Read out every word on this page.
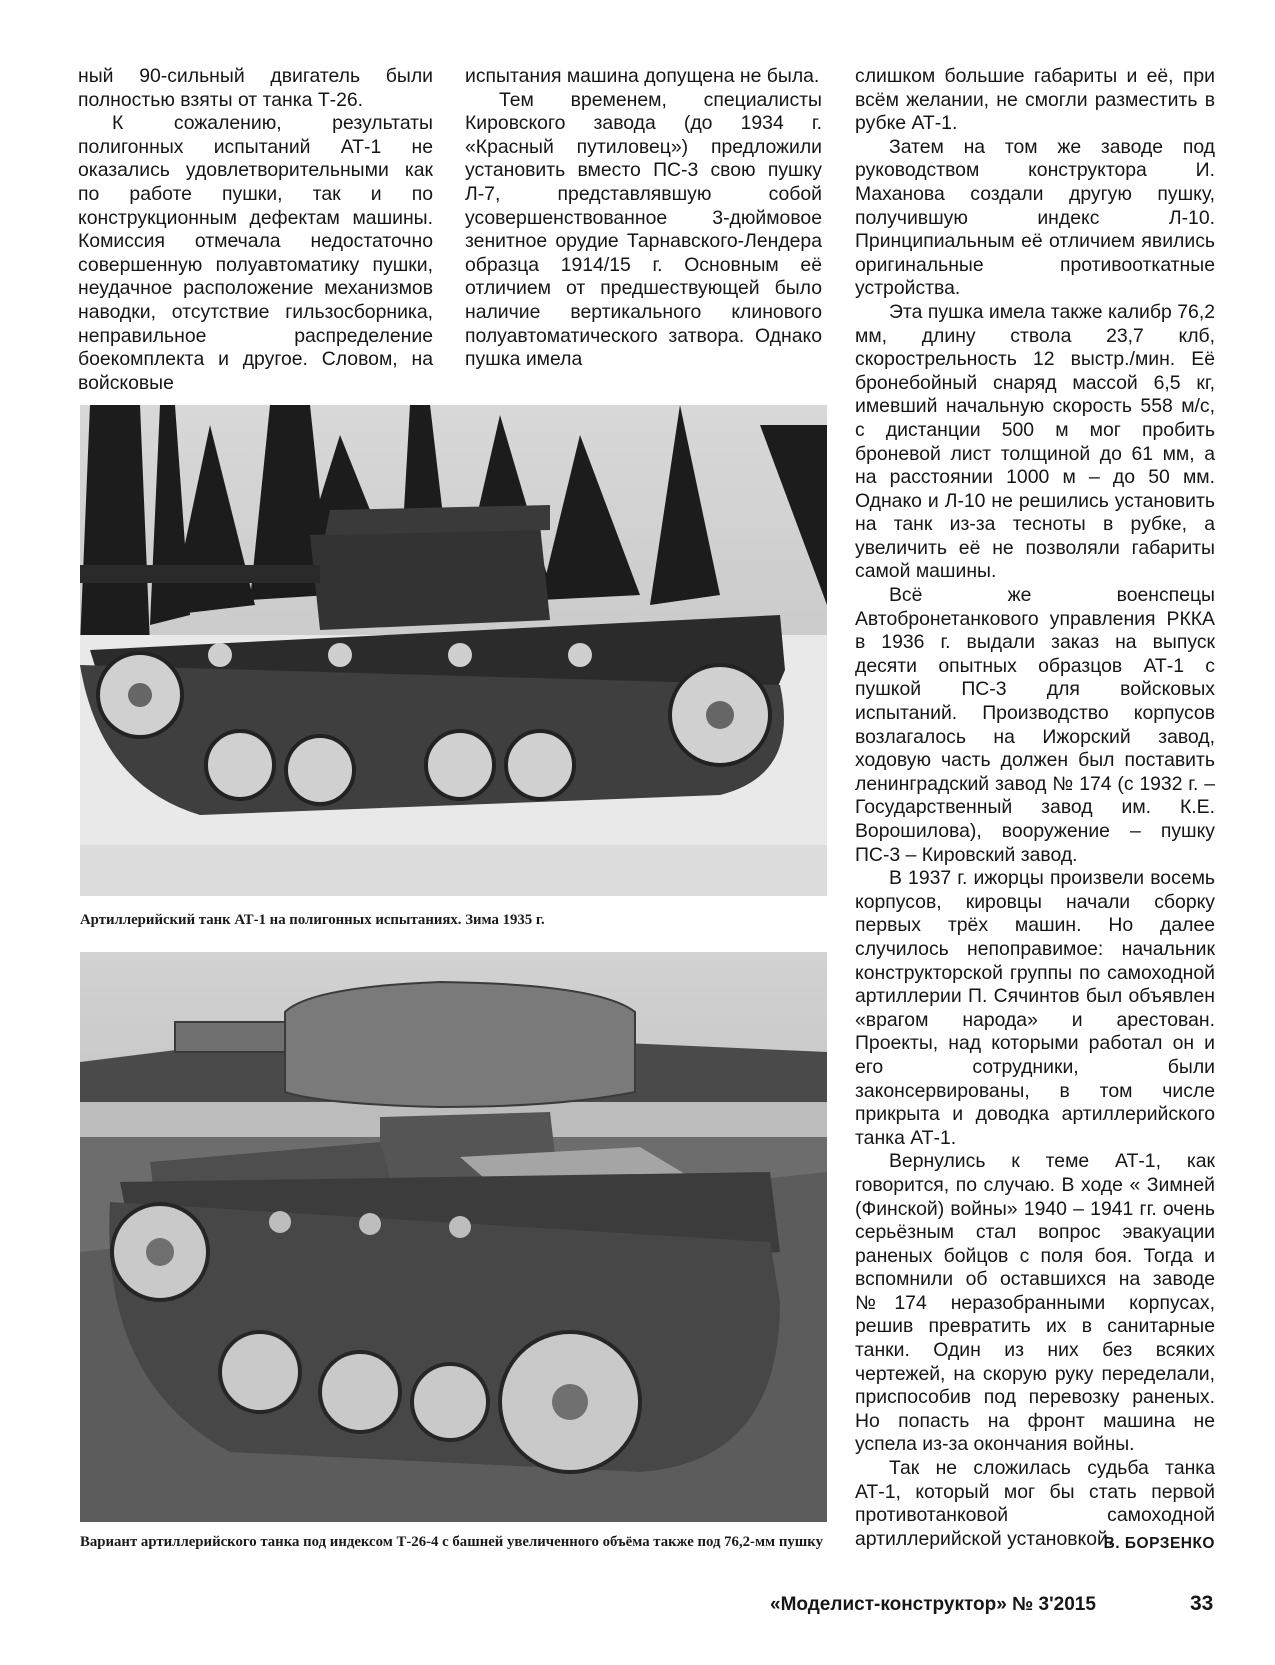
ный 90-сильный двигатель были полностью взяты от танка Т-26.

К сожалению, результаты полигонных испытаний АТ-1 не оказались удовлетворительными как по работе пушки, так и по конструкционным дефектам машины. Комиссия отмечала недостаточно совершенную полуавтоматику пушки, неудачное расположение механизмов наводки, отсутствие гильзосборника, неправильное распределение боекомплекта и другое. Словом, на войсковые

испытания машина допущена не была.

Тем временем, специалисты Кировского завода (до 1934 г. «Красный путиловец») предложили установить вместо ПС-3 свою пушку Л-7, представлявшую собой усовершенствованное 3-дюймовое зенитное орудие Тарнавского-Лендера образца 1914/15 г. Основным её отличием от предшествующей было наличие вертикального клинового полуавтоматического затвора. Однако пушка имела

слишком большие габариты и её, при всём желании, не смогли разместить в рубке АТ-1.

Затем на том же заводе под руководством конструктора И. Маханова создали другую пушку, получившую индекс Л-10. Принципиальным её отличием явились оригинальные противооткатные устройства.

Эта пушка имела также калибр 76,2 мм, длину ствола 23,7 клб, скорострельность 12 выстр./мин. Её бронебойный снаряд массой 6,5 кг, имевший начальную скорость 558 м/с, с дистанции 500 м мог пробить броневой лист толщиной до 61 мм, а на расстоянии 1000 м – до 50 мм. Однако и Л-10 не решились установить на танк из-за тесноты в рубке, а увеличить её не позволяли габариты самой машины.

Всё же военспецы Автобронетанкового управления РККА в 1936 г. выдали заказ на выпуск десяти опытных образцов АТ-1 с пушкой ПС-3 для войсковых испытаний. Производство корпусов возлагалось на Ижорский завод, ходовую часть должен был поставить ленинградский завод № 174 (с 1932 г. – Государственный завод им. К.Е. Ворошилова), вооружение – пушку ПС-3 – Кировский завод.

В 1937 г. ижорцы произвели восемь корпусов, кировцы начали сборку первых трёх машин. Но далее случилось непоправимое: начальник конструкторской группы по самоходной артиллерии П. Сячинтов был объявлен «врагом народа» и арестован. Проекты, над которыми работал он и его сотрудники, были законсервированы, в том числе прикрыта и доводка артиллерийского танка АТ-1.

Вернулись к теме АТ-1, как говорится, по случаю. В ходе « Зимней (Финской) войны» 1940 – 1941 гг. очень серьёзным стал вопрос эвакуации раненых бойцов с поля боя. Тогда и вспомнили об оставшихся на заводе №174 неразобранными корпусах, решив превратить их в санитарные танки. Один из них без всяких чертежей, на скорую руку переделали, приспособив под перевозку раненых. Но попасть на фронт машина не успела из-за окончания войны.

Так не сложилась судьба танка АТ-1, который мог бы стать первой противотанковой самоходной артиллерийской установкой.

Артиллерийский танк АТ-1 на полигонных испытаниях. Зима 1935 г.
Вариант артиллерийского танка под индексом Т-26-4 с башней увеличенного объёма также под 76,2-мм пушку	В. БОРЗЕНКО
«Моделист-конструктор» № 3'2015	33
